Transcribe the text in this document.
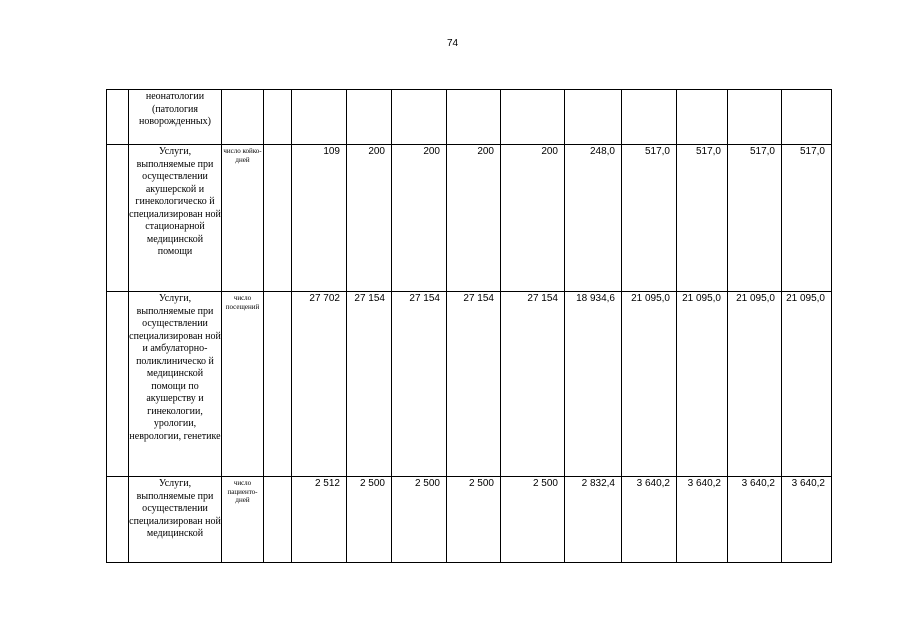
74
	неонатологии (патология новорожденных)												
	Услуги, выполняемые при осуществлении акушерской и гинекологическо й специализирован ной стационарной медицинской помощи	число койко-дней		109	200	200	200	200	248,0	517,0	517,0	517,0	517,0
	Услуги, выполняемые при осуществлении специализирован ной и амбулаторно-поликлиническо й медицинской помощи по акушерству и гинекологии, урологии, неврологии, генетике	число посещений		27 702	27 154	27 154	27 154	27 154	18 934,6	21 095,0	21 095,0	21 095,0	21 095,0
	Услуги, выполняемые при осуществлении специализирован ной медицинской	число пациенто-дней		2 512	2 500	2 500	2 500	2 500	2 832,4	3 640,2	3 640,2	3 640,2	3 640,2
